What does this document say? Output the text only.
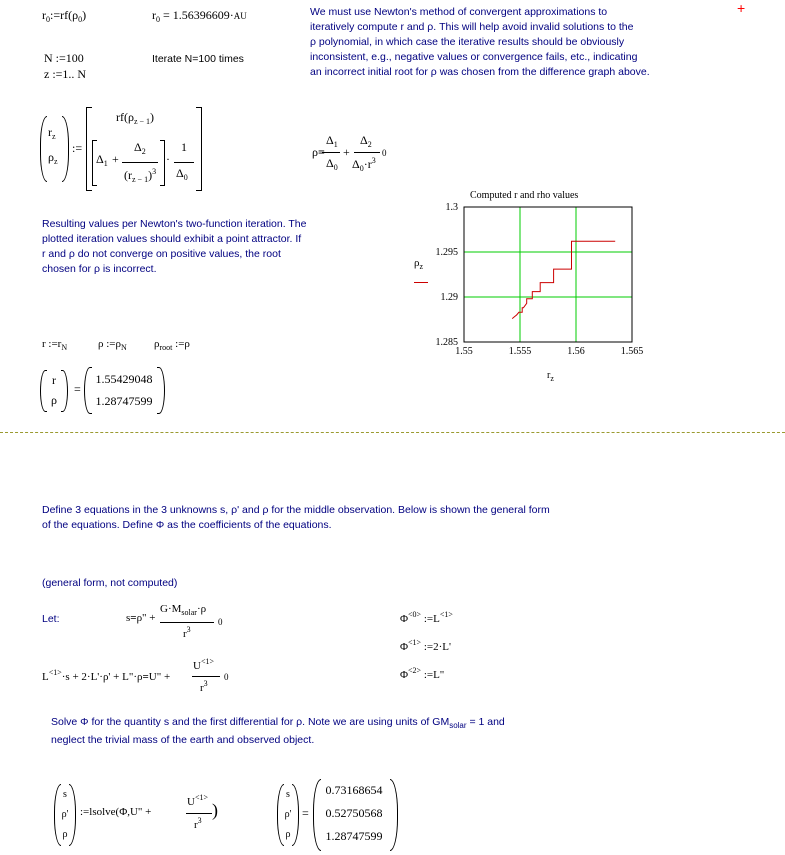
+
$r_0:=rf(\rho_0)$	$r_0 = 1.56396609\cdot AU$	We must use Newton's method of convergent approximations to
iteratively compute r and ρ. This will help avoid invalid solutions to the
ρ polynomial, in which case the iterative results should be obviously
inconsistent, e.g., negative values or convergence fails, etc., indicating
an incorrect initial root for ρ was chosen from the difference graph above.
N :=100	Iterate N=100 times
z :=1.. N
$r_z$
$\rho_z$
:=
$rf(\rho_{z - 1})$
$\Delta_1$ +
$\Delta_2$
$(r_{z - 1})^3$
·
1
$\Delta_0$
ρ=
$\Delta_1$
$\Delta_0$
+
$\Delta_2$
$\Delta_0\cdot r^3$
0
Resulting values per Newton's two-function iteration. The
plotted iteration values should exhibit a point attractor. If
r and ρ do not converge on positive values, the root
chosen for ρ is incorrect.
r $:=r_N$	ρ $:=\rho_N$ $\rho_{root}$ :=ρ
r
ρ
=
1.55429048
1.28747599
Computed r and rho values
$\rho_z$
$r_z$
1.3
1.295
1.29
1.285
1.55	1.555	1.56	1.565
Define 3 equations in the 3 unknowns s, ρ' and ρ for the middle observation. Below is shown the general form
of the equations. Define Φ as the coefficients of the equations.
(general form, not computed)
Let:	s=ρ" +
$G\cdot M_{solar}\cdot\rho$
$r^3$
0
$L^{<1>}\cdot s + 2\cdot L'\cdot\rho'$ + L"·ρ=U" +
$U^{<1>}$
$r^3$
0
$\Phi^{<0>}$ $:=L^{<1>}$
$\Phi^{<1>}$ :=2·L'
$\Phi^{<2>}$ :=L"
Solve Φ for the quantity s and the first differential for ρ. Note we are using units of $GM_{solar} = 1$ and
neglect the trivial mass of the earth and observed object.
s
ρ'
ρ
:=lsolve(Φ,U" +
$U^{<1>}$
$r^3$
)
s
ρ'
ρ
=
0.73168654
0.52750568
1.28747599
